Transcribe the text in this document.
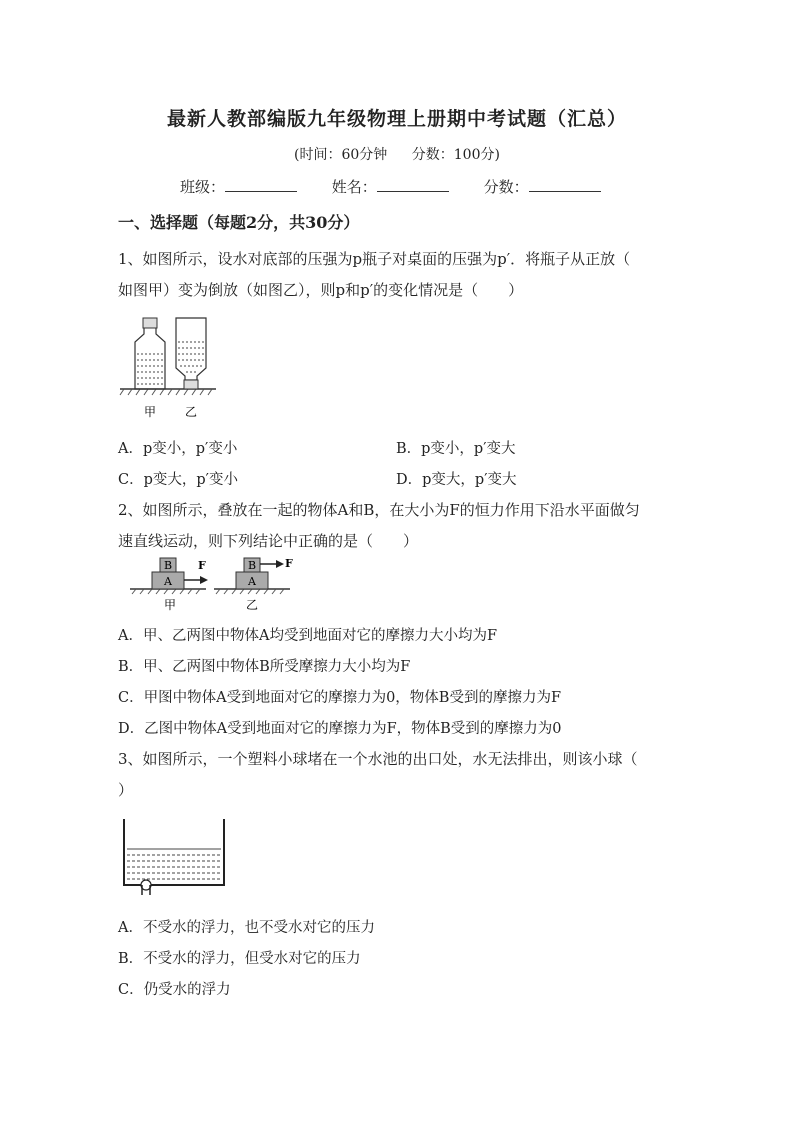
最新人教部编版九年级物理上册期中考试题（汇总）
(时间：60分钟 分数：100分)
班级：	姓名：	分数：
一、选择题（每题2分，共30分）
1、如图所示，设水对底部的压强为p瓶子对桌面的压强为p′．将瓶子从正放（
如图甲）变为倒放（如图乙），则p和p′的变化情况是（　　）
甲 乙
A．p变小，p′变小	B．p变小，p′变大
C．p变大，p′变小	D．p变大，p′变大
2、如图所示，叠放在一起的物体A和B，在大小为F的恒力作用下沿水平面做匀
速直线运动，则下列结论中正确的是（　　）
B
A
F
甲
B
A
F
乙
A．甲、乙两图中物体A均受到地面对它的摩擦力大小均为F
B．甲、乙两图中物体B所受摩擦力大小均为F
C．甲图中物体A受到地面对它的摩擦力为0，物体B受到的摩擦力为F
D．乙图中物体A受到地面对它的摩擦力为F，物体B受到的摩擦力为0
3、如图所示，一个塑料小球堵在一个水池的出口处，水无法排出，则该小球（
）
A．不受水的浮力，也不受水对它的压力
B．不受水的浮力，但受水对它的压力
C．仍受水的浮力
